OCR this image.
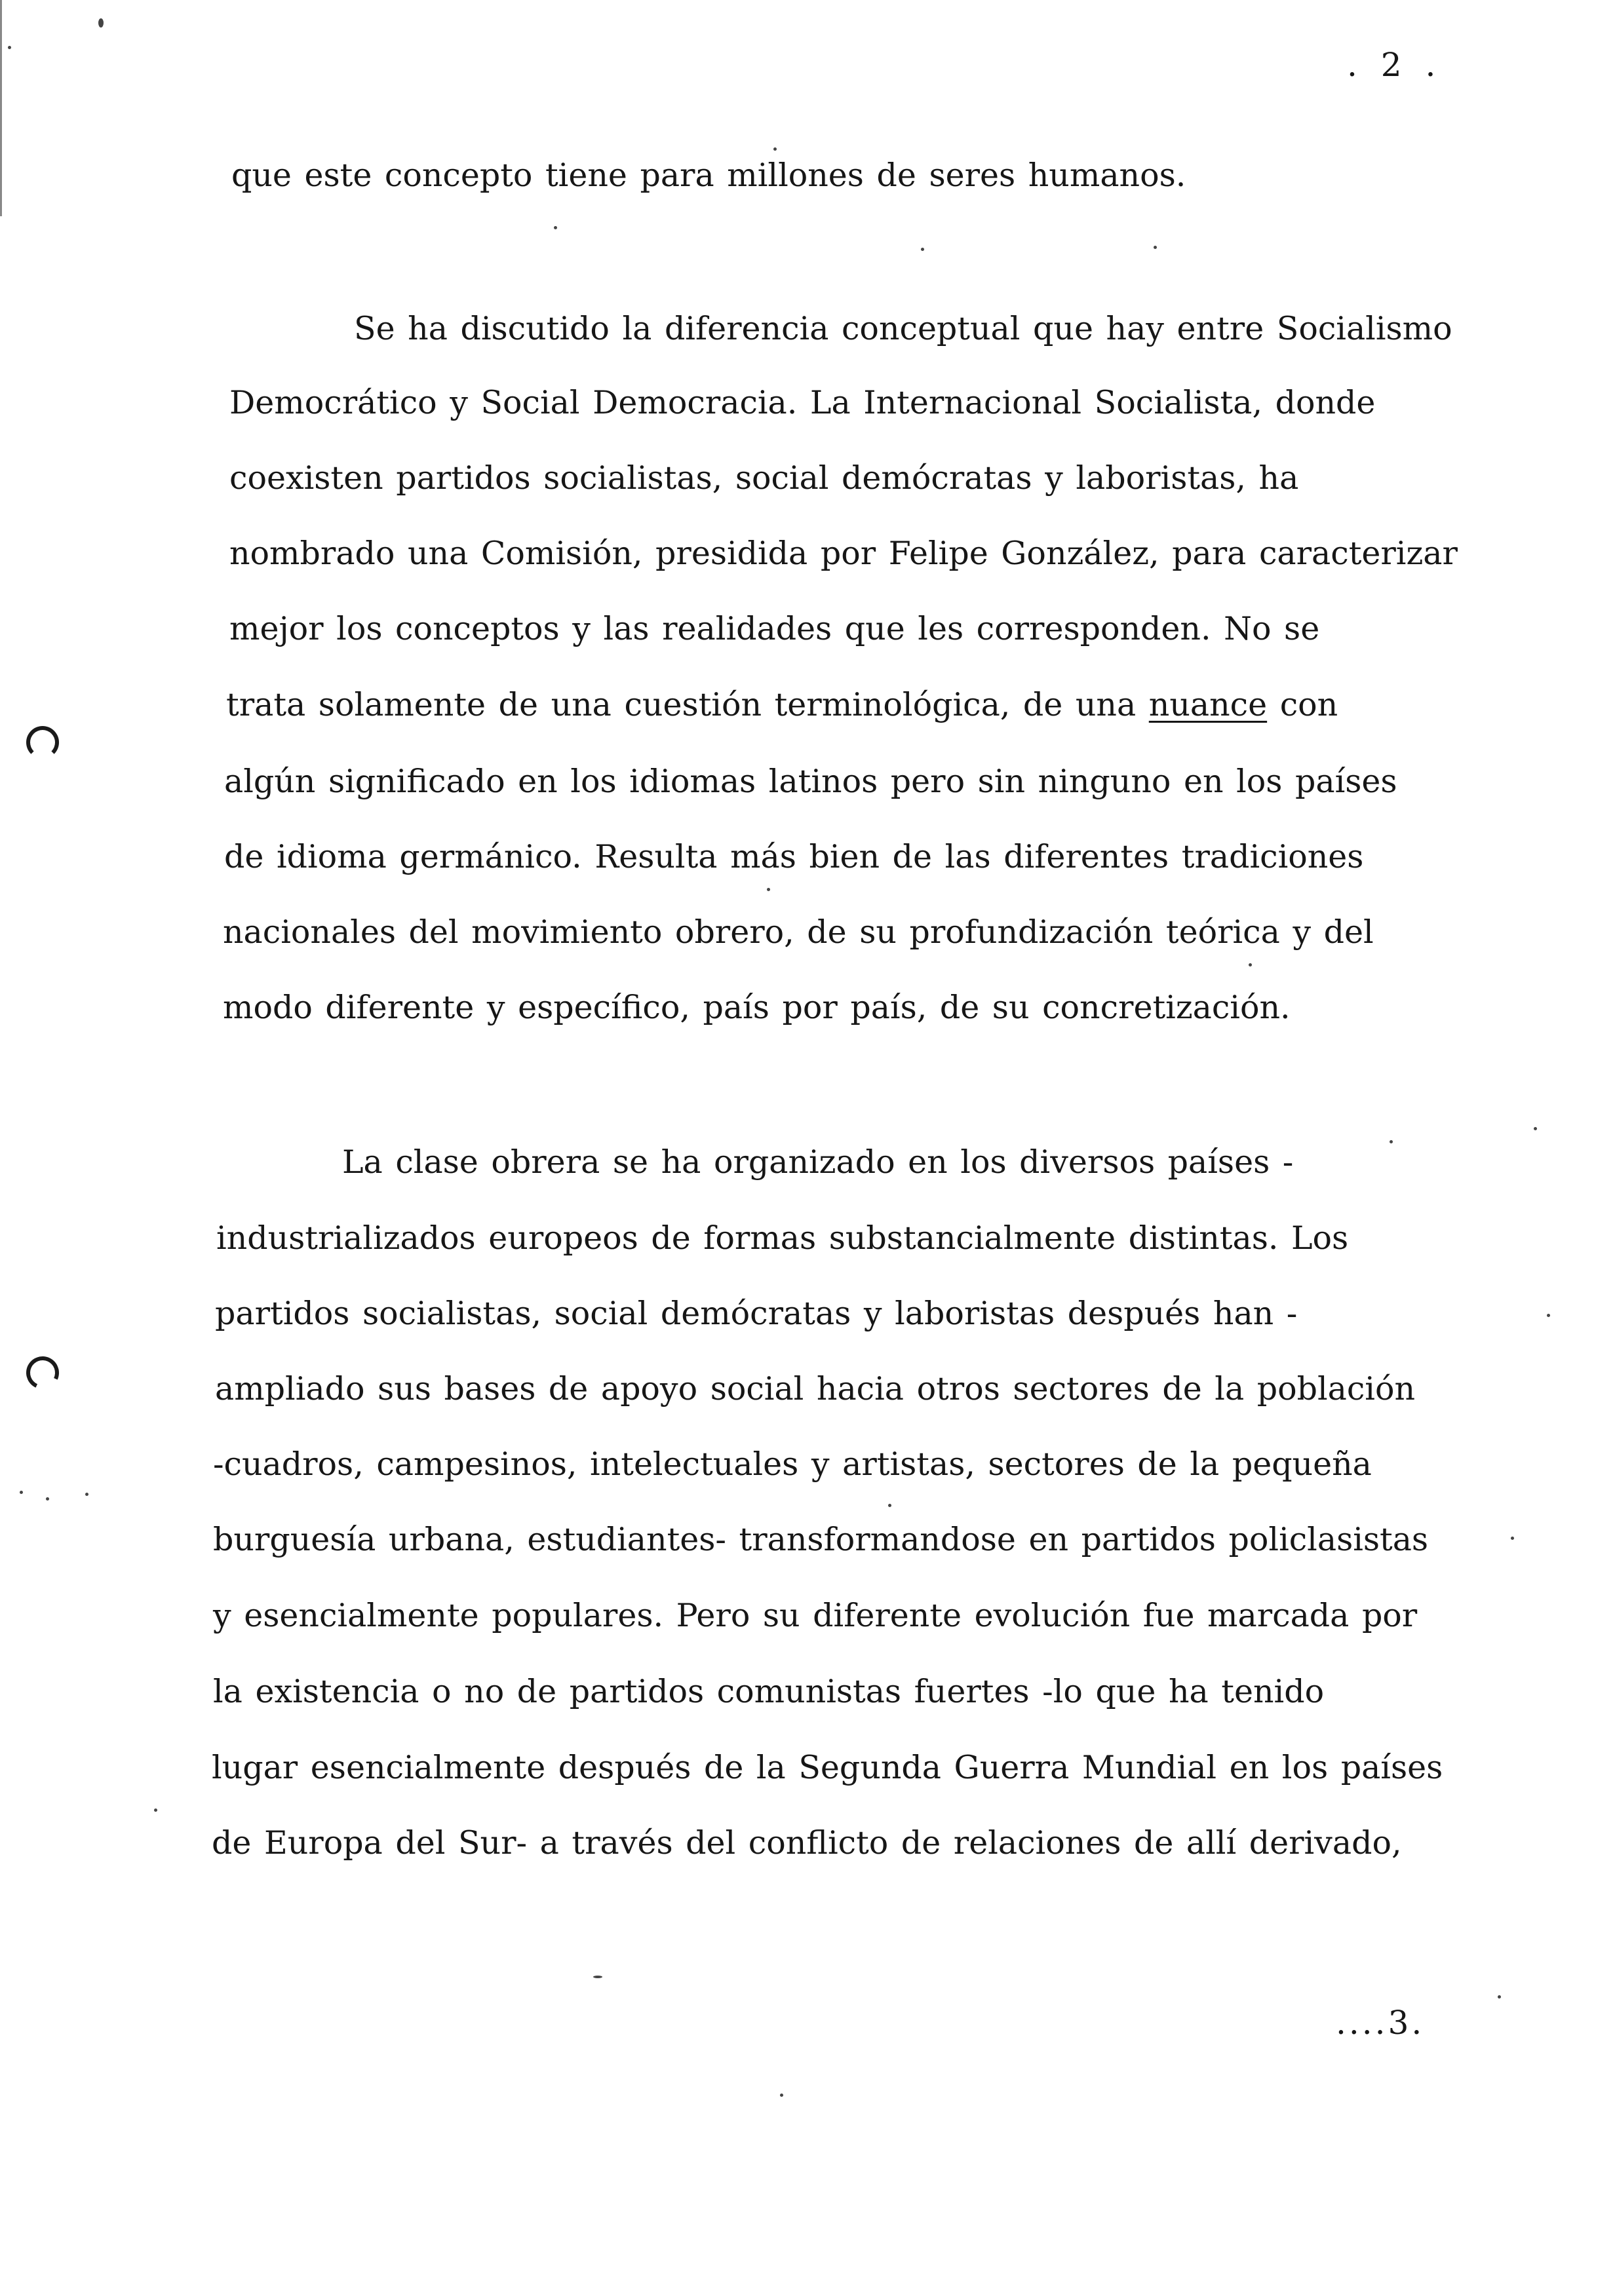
. 2 .
que este concepto tiene para millones de seres humanos.
Se ha discutido la diferencia conceptual que hay entre Socialismo
Democrático y Social Democracia. La Internacional Socialista, donde
coexisten partidos socialistas, social demócratas y laboristas, ha
nombrado una Comisión, presidida por Felipe González, para caracterizar
mejor los conceptos y las realidades que les corresponden. No se
trata solamente de una cuestión terminológica, de una nuance con
algún significado en los idiomas latinos pero sin ninguno en los países
de idioma germánico. Resulta más bien de las diferentes tradiciones
nacionales del movimiento obrero, de su profundización teórica y del
modo diferente y específico, país por país, de su concretización.
La clase obrera se ha organizado en los diversos países -
industrializados europeos de formas substancialmente distintas. Los
partidos socialistas, social demócratas y laboristas después han -
ampliado sus bases de apoyo social hacia otros sectores de la población
-cuadros, campesinos, intelectuales y artistas, sectores de la pequeña
burguesía urbana, estudiantes- transformandose en partidos policlasistas
y esencialmente populares. Pero su diferente evolución fue marcada por
la existencia o no de partidos comunistas fuertes -lo que ha tenido
lugar esencialmente después de la Segunda Guerra Mundial en los países
de Europa del Sur- a través del conflicto de relaciones de allí derivado,
....3.
